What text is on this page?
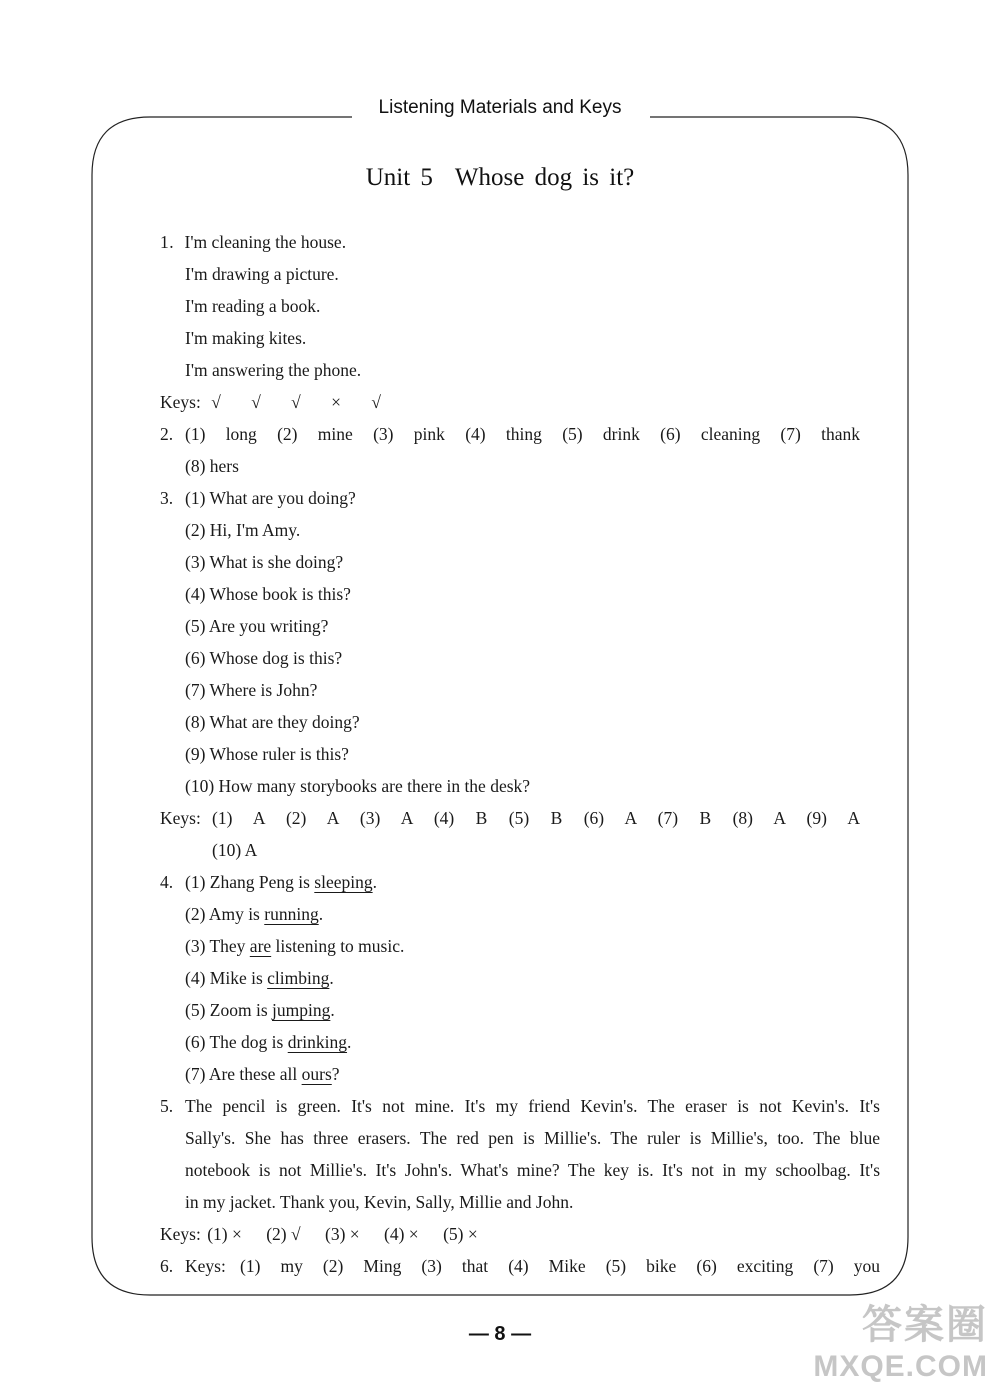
Listening Materials and Keys
Unit 5 Whose dog is it?
1. I'm cleaning the house.
I'm drawing a picture.
I'm reading a book.
I'm making kites.
I'm answering the phone.
Keys: √ √ √ × √
2. (1) long (2) mine (3) pink (4) thing (5) drink (6) cleaning (7) thank
(8) hers
3. (1) What are you doing?
(2) Hi, I'm Amy.
(3) What is she doing?
(4) Whose book is this?
(5) Are you writing?
(6) Whose dog is this?
(7) Where is John?
(8) What are they doing?
(9) Whose ruler is this?
(10) How many storybooks are there in the desk?
Keys: (1) A (2) A (3) A (4) B (5) B (6) A (7) B (8) A (9) A
(10) A
4. (1) Zhang Peng is sleeping.
(2) Amy is running.
(3) They are listening to music.
(4) Mike is climbing.
(5) Zoom is jumping.
(6) The dog is drinking.
(7) Are these all ours?
5. The pencil is green. It's not mine. It's my friend Kevin's. The eraser is not Kevin's. It's
Sally's. She has three erasers. The red pen is Millie's. The ruler is Millie's, too. The blue
notebook is not Millie's. It's John's. What's mine? The key is. It's not in my schoolbag. It's
in my jacket. Thank you, Kevin, Sally, Millie and John.
Keys: (1) × (2) √ (3) × (4) × (5) ×
6. Keys: (1) my (2) Ming (3) that (4) Mike (5) bike (6) exciting (7) you
— 8 —	答案圈
MXQE.COM
